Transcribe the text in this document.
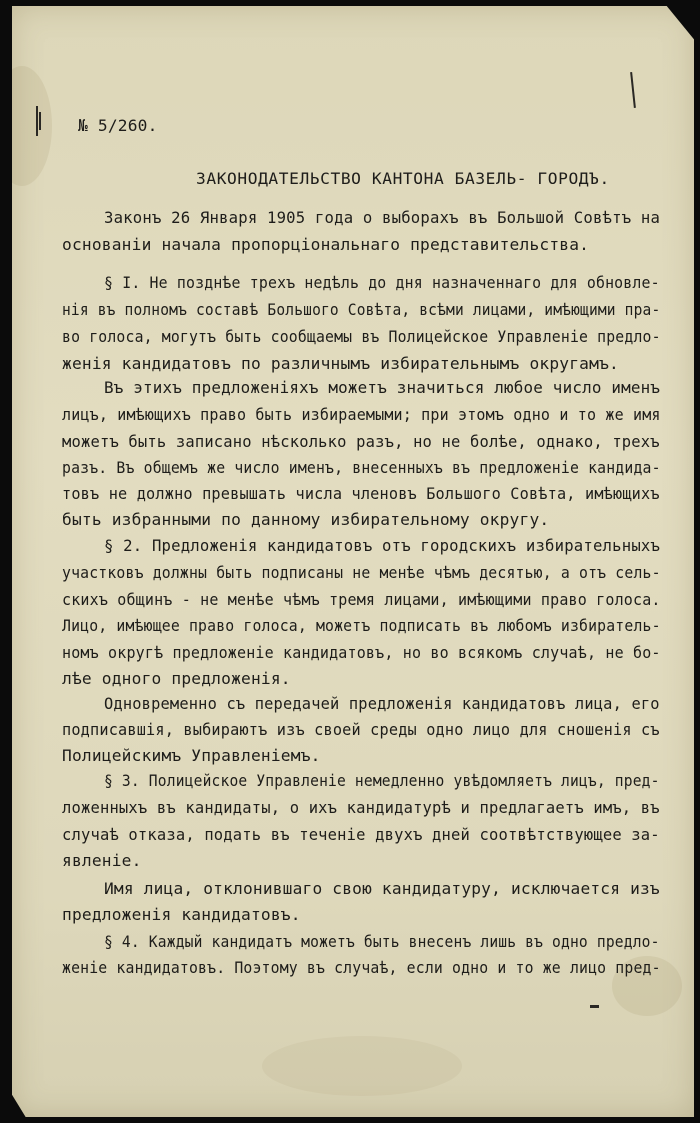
№ 5/260.
ЗАКОНОДАТЕЛЬСТВО КАНТОНА БАЗЕЛЬ- ГОРОДЪ.
Законъ 26 Января 1905 года о выборахъ въ Большой Совѣтъ на
основаніи начала пропорціональнаго представительства.
§ I. Не позднѣе трехъ недѣль до дня назначеннаго для обновле-
нія въ полномъ составѣ Большого Совѣта, всѣми лицами, имѣющими пра-
во голоса, могутъ быть сообщаемы въ Полицейское Управленіе предло-
женія кандидатовъ по различнымъ избирательнымъ округамъ.
Въ этихъ предложеніяхъ можетъ значиться любое число именъ
лицъ, имѣющихъ право быть избираемыми; при этомъ одно и то же имя
можетъ быть записано нѣсколько разъ, но не болѣе, однако, трехъ
разъ. Въ общемъ же число именъ, внесенныхъ въ предложеніе кандида-
товъ не должно превышать числа членовъ Большого Совѣта, имѣющихъ
быть избранными по данному избирательному округу.
§ 2. Предложенія кандидатовъ отъ городскихъ избирательныхъ
участковъ должны быть подписаны не менѣе чѣмъ десятью, а отъ сель-
скихъ общинъ - не менѣе чѣмъ тремя лицами, имѣющими право голоса.
Лицо, имѣющее право голоса, можетъ подписать въ любомъ избиратель-
номъ округѣ предложеніе кандидатовъ, но во всякомъ случаѣ, не бо-
лѣе одного предложенія.
Одновременно съ передачей предложенія кандидатовъ лица, его
подписавшія, выбираютъ изъ своей среды одно лицо для сношенія съ
Полицейскимъ Управленіемъ.
§ 3. Полицейское Управленіе немедленно увѣдомляетъ лицъ, пред-
ложенныхъ въ кандидаты, о ихъ кандидатурѣ и предлагаетъ имъ, въ
случаѣ отказа, подать въ теченіе двухъ дней соотвѣтствующее за-
явленіе.
Имя лица, отклонившаго свою кандидатуру, исключается изъ
предложенія кандидатовъ.
§ 4. Каждый кандидатъ можетъ быть внесенъ лишь въ одно предло-
женіе кандидатовъ. Поэтому въ случаѣ, если одно и то же лицо пред-
